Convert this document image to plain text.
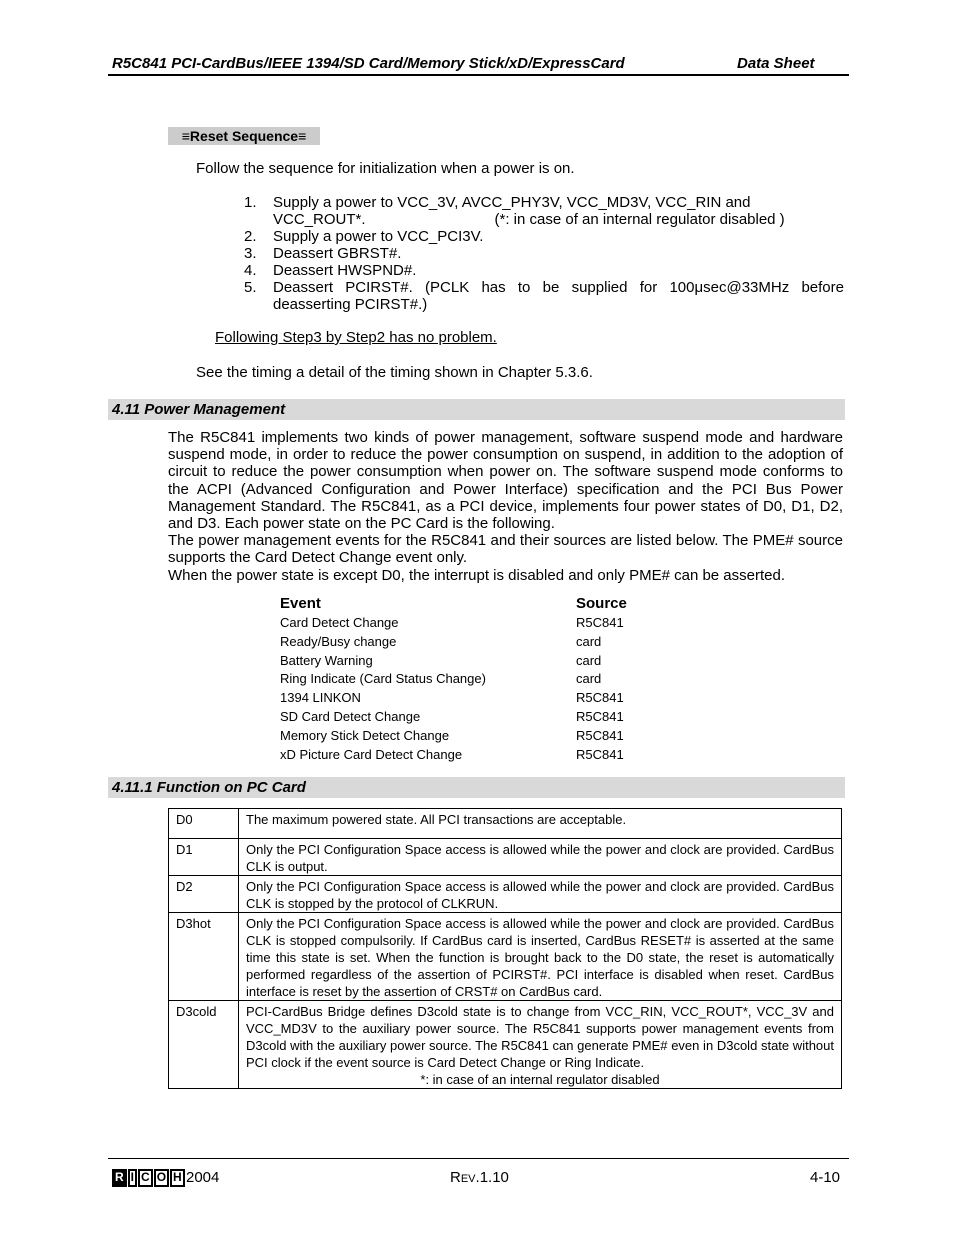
R5C841 PCI-CardBus/IEEE 1394/SD Card/Memory Stick/xD/ExpressCard	Data Sheet
≡Reset Sequence≡
Follow the sequence for initialization when a power is on.
1.	Supply a power to VCC_3V, AVCC_PHY3V, VCC_MD3V, VCC_RIN and
VCC_ROUT*.	(*: in case of an internal regulator disabled )
2.	Supply a power to VCC_PCI3V.
3.	Deassert GBRST#.
4.	Deassert HWSPND#.
5.	Deassert PCIRST#. (PCLK has to be supplied for 100μsec@33MHz before
deasserting PCIRST#.)
Following Step3 by Step2 has no problem.
See the timing a detail of the timing shown in Chapter 5.3.6.
4.11 Power Management

The R5C841 implements two kinds of power management, software suspend mode and hardware suspend mode, in order to reduce the power consumption on suspend, in addition to the adoption of circuit to reduce the power consumption when power on. The software suspend mode conforms to the ACPI (Advanced Configuration and Power Interface) specification and the PCI Bus Power Management Standard. The R5C841, as a PCI device, implements four power states of D0, D1, D2, and D3. Each power state on the PC Card is the following.

The power management events for the R5C841 and their sources are listed below. The PME# source supports the Card Detect Change event only.

When the power state is except D0, the interrupt is disabled and only PME# can be asserted.

Event	Source
Card Detect Change	R5C841
Ready/Busy change	card
Battery Warning	card
Ring Indicate (Card Status Change)	card
1394 LINKON	R5C841
SD Card Detect Change	R5C841
Memory Stick Detect Change	R5C841
xD Picture Card Detect Change	R5C841
4.11.1 Function on PC Card
D0	The maximum powered state. All PCI transactions are acceptable.
D1	Only the PCI Configuration Space access is allowed while the power and clock are provided. CardBus CLK is output.
D2	Only the PCI Configuration Space access is allowed while the power and clock are provided. CardBus CLK is stopped by the protocol of CLKRUN.
D3hot	Only the PCI Configuration Space access is allowed while the power and clock are provided. CardBus CLK is stopped compulsorily. If CardBus card is inserted, CardBus RESET# is asserted at the same time this state is set. When the function is brought back to the D0 state, the reset is automatically performed regardless of the assertion of PCIRST#. PCI interface is disabled when reset. CardBus interface is reset by the assertion of CRST# on CardBus card.
D3cold	PCI-CardBus Bridge defines D3cold state is to change from VCC_RIN, VCC_ROUT*, VCC_3V and VCC_MD3V to the auxiliary power source. The R5C841 supports power management events from D3cold with the auxiliary power source. The R5C841 can generate PME# even in D3cold state without PCI clock if the event source is Card Detect Change or Ring Indicate.
*: in case of an internal regulator disabled
R I C O H 2004	REV.1.10	4-10
